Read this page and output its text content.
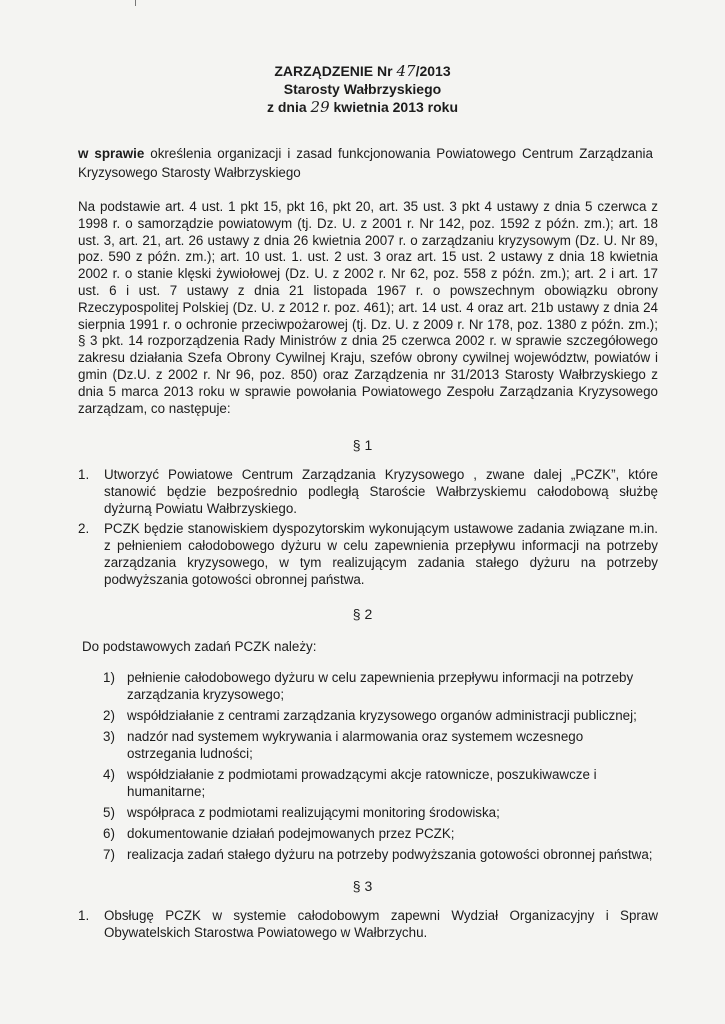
ZARZĄDZENIE Nr 47/2013
Starosty Wałbrzyskiego
z dnia 29 kwietnia 2013 roku
w sprawie określenia organizacji i zasad funkcjonowania Powiatowego Centrum Zarządzania Kryzysowego Starosty Wałbrzyskiego

Na podstawie art. 4 ust. 1 pkt 15, pkt 16, pkt 20, art. 35 ust. 3 pkt 4 ustawy z dnia 5 czerwca z 1998 r. o samorządzie powiatowym (tj. Dz. U. z 2001 r. Nr 142, poz. 1592 z późn. zm.); art. 18 ust. 3, art. 21, art. 26 ustawy z dnia 26 kwietnia 2007 r. o zarządzaniu kryzysowym (Dz. U. Nr 89, poz. 590 z późn. zm.); art. 10 ust. 1. ust. 2 ust. 3 oraz art. 15 ust. 2 ustawy z dnia 18 kwietnia 2002 r. o stanie klęski żywiołowej (Dz. U. z 2002 r. Nr 62, poz. 558 z późn. zm.); art. 2 i art. 17 ust. 6 i ust. 7 ustawy z dnia 21 listopada 1967 r. o powszechnym obowiązku obrony Rzeczypospolitej Polskiej (Dz. U. z 2012 r. poz. 461); art. 14 ust. 4 oraz art. 21b ustawy z dnia 24 sierpnia 1991 r. o ochronie przeciwpożarowej (tj. Dz. U. z 2009 r. Nr 178, poz. 1380 z późn. zm.); § 3 pkt. 14 rozporządzenia Rady Ministrów z dnia 25 czerwca 2002 r. w sprawie szczegółowego zakresu działania Szefa Obrony Cywilnej Kraju, szefów obrony cywilnej województw, powiatów i gmin (Dz.U. z 2002 r. Nr 96, poz. 850) oraz Zarządzenia nr 31/2013 Starosty Wałbrzyskiego z dnia 5 marca 2013 roku w sprawie powołania Powiatowego Zespołu Zarządzania Kryzysowego zarządzam, co następuje:

§ 1
1. Utworzyć Powiatowe Centrum Zarządzania Kryzysowego , zwane dalej „PCZK”, które stanowić będzie bezpośrednio podległą Staroście Wałbrzyskiemu całodobową służbę dyżurną Powiatu Wałbrzyskiego.
2. PCZK będzie stanowiskiem dyspozytorskim wykonującym ustawowe zadania związane m.in. z pełnieniem całodobowego dyżuru w celu zapewnienia przepływu informacji na potrzeby zarządzania kryzysowego, w tym realizującym zadania stałego dyżuru na potrzeby podwyższania gotowości obronnej państwa.
§ 2
Do podstawowych zadań PCZK należy:
1) pełnienie całodobowego dyżuru w celu zapewnienia przepływu informacji na potrzeby zarządzania kryzysowego;
2) współdziałanie z centrami zarządzania kryzysowego organów administracji publicznej;
3) nadzór nad systemem wykrywania i alarmowania oraz systemem wczesnego ostrzegania ludności;
4) współdziałanie z podmiotami prowadzącymi akcje ratownicze, poszukiwawcze i humanitarne;
5) współpraca z podmiotami realizującymi monitoring środowiska;
6) dokumentowanie działań podejmowanych przez PCZK;
7) realizacja zadań stałego dyżuru na potrzeby podwyższania gotowości obronnej państwa;
§ 3
1. Obsługę PCZK w systemie całodobowym zapewni Wydział Organizacyjny i Spraw Obywatelskich Starostwa Powiatowego w Wałbrzychu.
